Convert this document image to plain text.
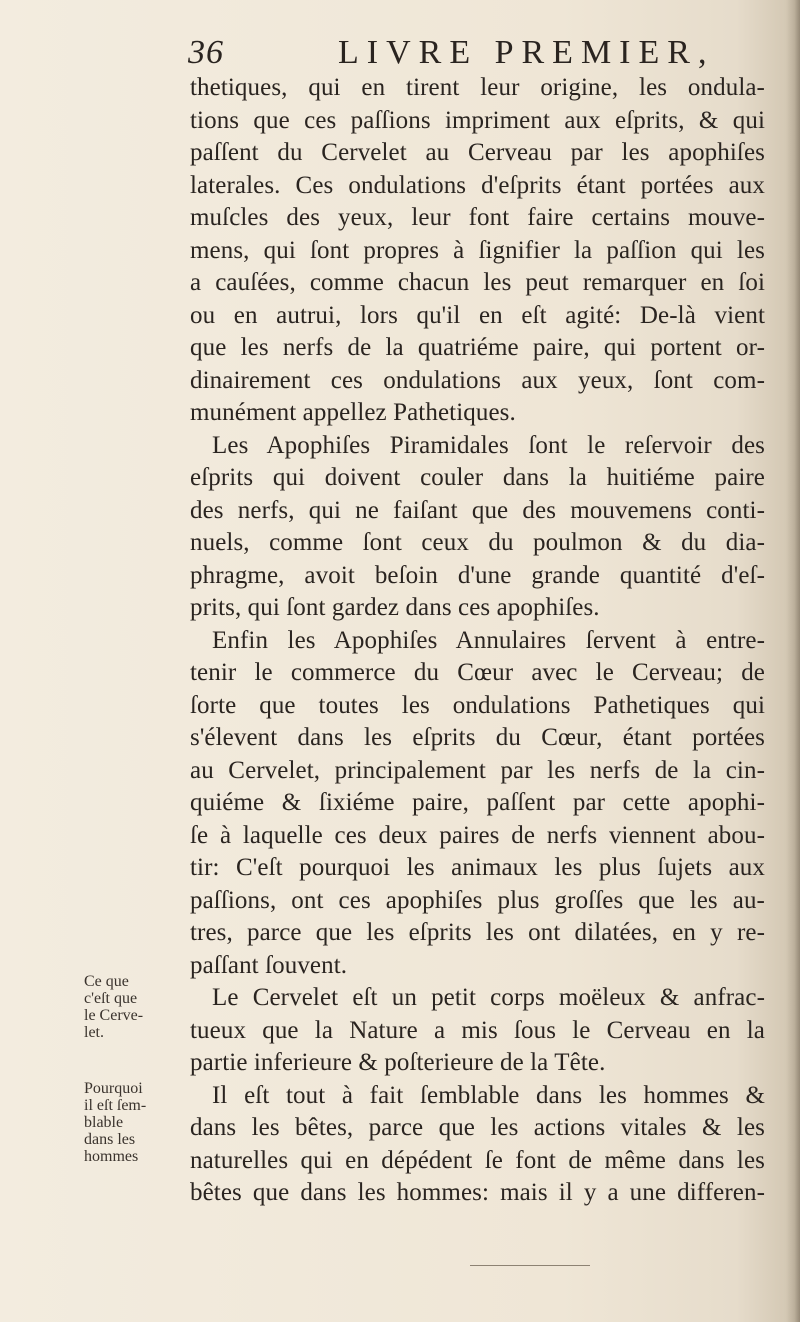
36	LIVRE PREMIER,
thetiques, qui en tirent leur origine, les ondula-
tions que ces paſſions impriment aux eſprits, & qui
paſſent du Cervelet au Cerveau par les apophiſes
laterales. Ces ondulations d'eſprits étant portées aux
muſcles des yeux, leur font faire certains mouve-
mens, qui ſont propres à ſignifier la paſſion qui les
a cauſées, comme chacun les peut remarquer en ſoi
ou en autrui, lors qu'il en eſt agité: De-là vient
que les nerfs de la quatriéme paire, qui portent or-
dinairement ces ondulations aux yeux, ſont com-
munément appellez Pathetiques.
Les Apophiſes Piramidales ſont le reſervoir des
eſprits qui doivent couler dans la huitiéme paire
des nerfs, qui ne faiſant que des mouvemens conti-
nuels, comme ſont ceux du poulmon & du dia-
phragme, avoit beſoin d'une grande quantité d'eſ-
prits, qui ſont gardez dans ces apophiſes.
Enfin les Apophiſes Annulaires ſervent à entre-
tenir le commerce du Cœur avec le Cerveau; de
ſorte que toutes les ondulations Pathetiques qui
s'élevent dans les eſprits du Cœur, étant portées
au Cervelet, principalement par les nerfs de la cin-
quiéme & ſixiéme paire, paſſent par cette apophi-
ſe à laquelle ces deux paires de nerfs viennent abou-
tir: C'eſt pourquoi les animaux les plus ſujets aux
paſſions, ont ces apophiſes plus groſſes que les au-
tres, parce que les eſprits les ont dilatées, en y re-
paſſant ſouvent.
Le Cervelet eſt un petit corps moëleux & anfrac-
tueux que la Nature a mis ſous le Cerveau en la
partie inferieure & poſterieure de la Tête.
Il eſt tout à fait ſemblable dans les hommes &
dans les bêtes, parce que les actions vitales & les
naturelles qui en dépédent ſe font de même dans les
bêtes que dans les hommes: mais il y a une differen-
Ce que
c'eſt que
le Cerve-
let.
Pourquoi
il eſt ſem-
blable
dans les
hommes
